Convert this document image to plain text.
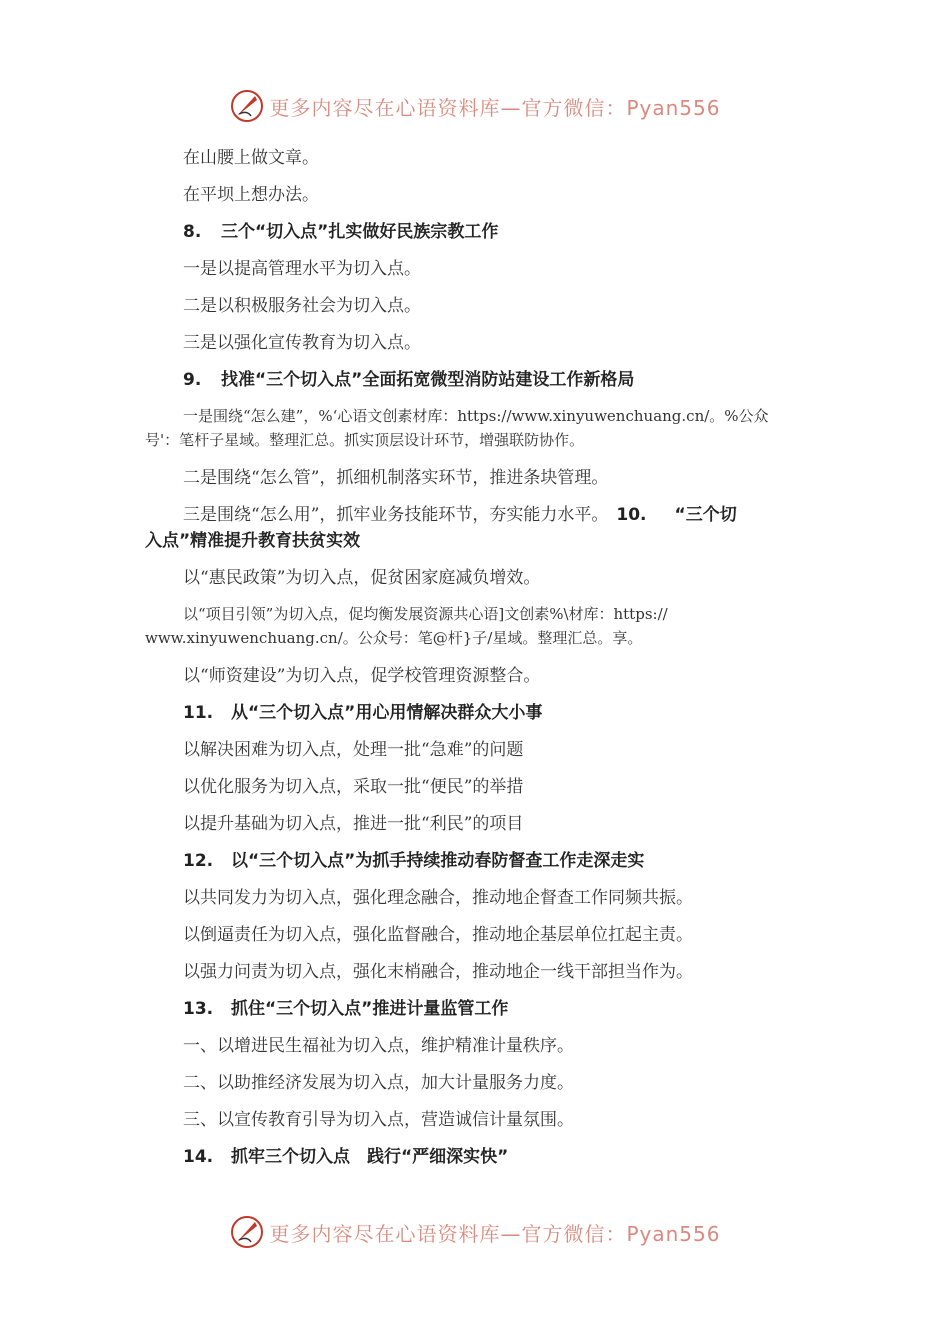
更多内容尽在心语资料库—官方微信：Pyan556
在山腰上做文章。
在平坝上想办法。
8. 三个“切入点”扎实做好民族宗教工作
一是以提高管理水平为切入点。
二是以积极服务社会为切入点。
三是以强化宣传教育为切入点。
9. 找准“三个切入点”全面拓宽微型消防站建设工作新格局
一是围绕“怎么建”，%‘心语文创素材库：https://www.xinyuwenchuang.cn/。%公众
号'：笔杆子星域。整理汇总。抓实顶层设计环节，增强联防协作。
二是围绕“怎么管”，抓细机制落实环节，推进条块管理。
三是围绕“怎么用”，抓牢业务技能环节，夯实能力水平。 10. “三个切
入点”精准提升教育扶贫实效
以“惠民政策”为切入点，促贫困家庭减负增效。
以“项目引领”为切入点，促均衡发展资源共心语]文创素%\材库：https://
www.xinyuwenchuang.cn/。公众号：笔@杆}子/星域。整理汇总。享。
以“师资建设”为切入点，促学校管理资源整合。
11. 从“三个切入点”用心用情解决群众大小事
以解决困难为切入点，处理一批“急难”的问题
以优化服务为切入点，采取一批“便民”的举措
以提升基础为切入点，推进一批“利民”的项目
12. 以“三个切入点”为抓手持续推动春防督查工作走深走实
以共同发力为切入点，强化理念融合，推动地企督查工作同频共振。
以倒逼责任为切入点，强化监督融合，推动地企基层单位扛起主责。
以强力问责为切入点，强化末梢融合，推动地企一线干部担当作为。
13. 抓住“三个切入点”推进计量监管工作
一、以增进民生福祉为切入点，维护精准计量秩序。
二、以助推经济发展为切入点，加大计量服务力度。
三、以宣传教育引导为切入点，营造诚信计量氛围。
14. 抓牢三个切入点　践行“严细深实快”
更多内容尽在心语资料库—官方微信：Pyan556
